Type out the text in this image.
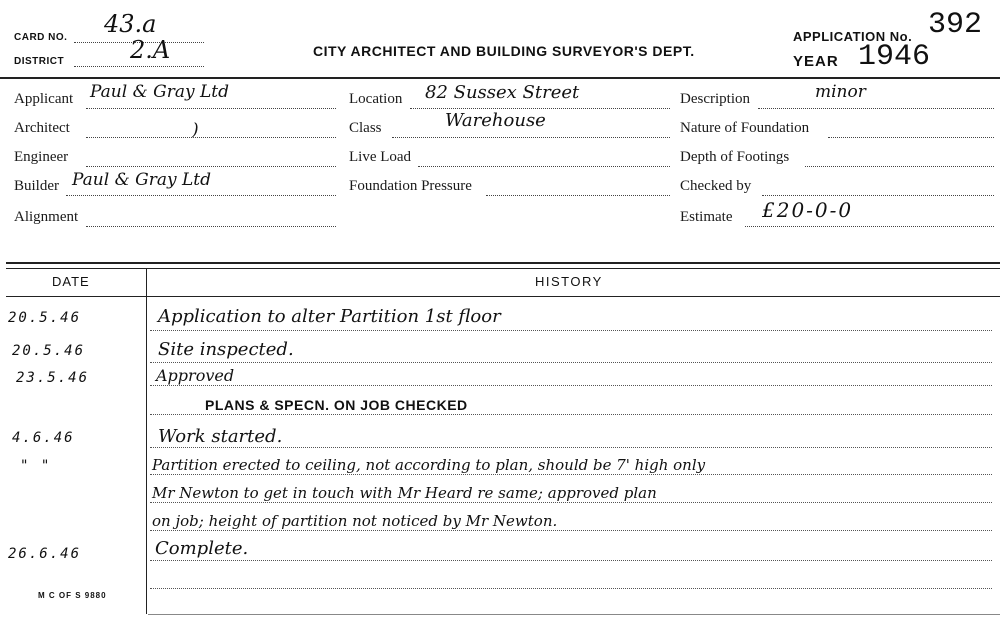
CARD NO. 43.a
DISTRICT	2.A	CITY ARCHITECT AND BUILDING SURVEYOR'S DEPT.
APPLICATION No. 392
YEAR 1946
Applicant Paul & Gray Ltd
Architect	)
Engineer
Builder Paul & Gray Ltd
Alignment
Location 82 Sussex Street
Class	Warehouse
Live Load
Foundation Pressure
Description	minor
Nature of Foundation
Depth of Footings
Checked by
Estimate £20-0-0
DATE	HISTORY
20.5.46	Application to alter Partition 1st floor
20.5.46	Site inspected.
23.5.46	Approved
PLANS & SPECN. ON JOB CHECKED
4.6.46	Work started.
" "	Partition erected to ceiling, not according to plan, should be 7' high only
Mr Newton to get in touch with Mr Heard re same; approved plan
on job; height of partition not noticed by Mr Newton.
26.6.46	Complete.
M C OF S 9880
